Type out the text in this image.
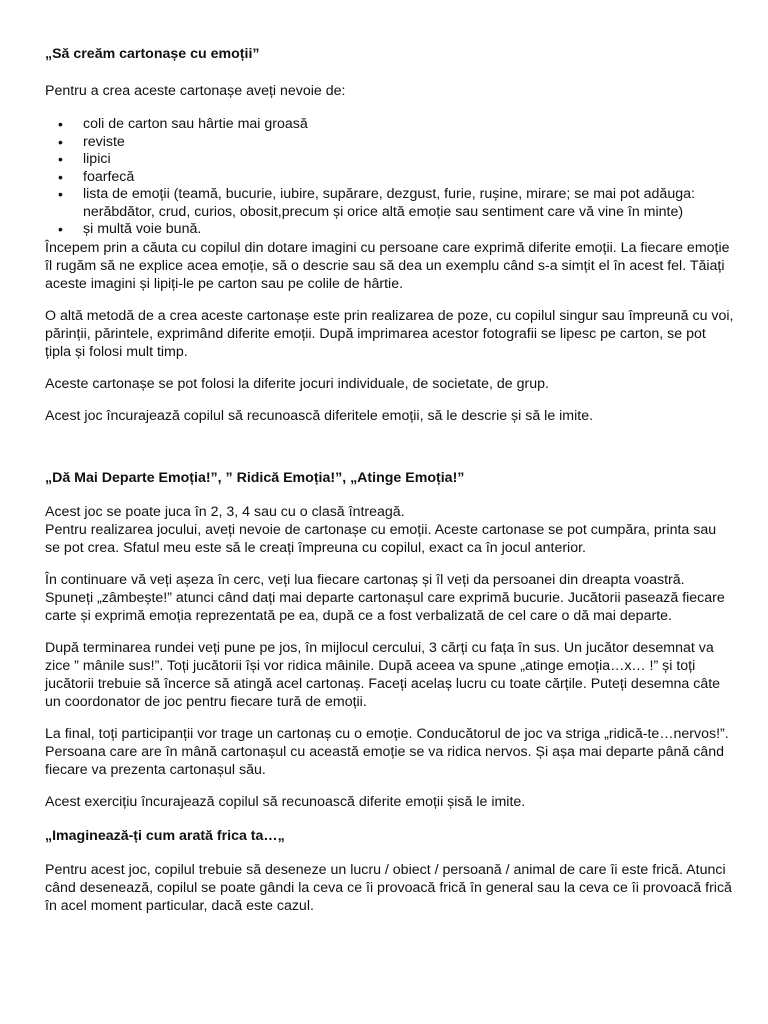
„Să creăm cartonașe cu emoții”

Pentru a crea aceste cartonașe aveți nevoie de:

• coli de carton sau hârtie mai groasă
• reviste
• lipici
• foarfecă
• lista de emoții (teamă, bucurie, iubire, supărare, dezgust, furie, rușine, mirare; se mai pot adăuga: nerăbdător, crud, curios, obosit,precum și orice altă emoție sau sentiment care vă vine în minte)
• și multă voie bună.

Începem prin a căuta cu copilul din dotare imagini cu persoane care exprimă diferite emoții. La fiecare emoție îl rugăm să ne explice acea emoție, să o descrie sau să dea un exemplu când s-a simțit el în acest fel. Tăiați aceste imagini și lipiți-le pe carton sau pe colile de hârtie.

O altă metodă de a crea aceste cartonașe este prin realizarea de poze, cu copilul singur sau împreună cu voi, părinții, părintele, exprimând diferite emoții. După imprimarea acestor fotografii se lipesc pe carton, se pot țipla și folosi mult timp.

Aceste cartonașe se pot folosi la diferite jocuri individuale, de societate, de grup.

Acest joc încurajează copilul să recunoască diferitele emoții, să le descrie și să le imite.

„Dă Mai Departe Emoția!”, ” Ridică Emoția!”, „Atinge Emoția!”

Acest joc se poate juca în 2, 3, 4 sau cu o clasă întreagă.

Pentru realizarea jocului, aveți nevoie de cartonașe cu emoții. Aceste cartonase se pot cumpăra, printa sau se pot crea. Sfatul meu este să le creați împreuna cu copilul, exact ca în jocul anterior.

În continuare vă veți așeza în cerc, veți lua fiecare cartonaș și îl veți da persoanei din dreapta voastră. Spuneți „zâmbește!” atunci când dați mai departe cartonașul care exprimă bucurie. Jucătorii pasează fiecare carte și exprimă emoția reprezentată pe ea, după ce a fost verbalizată de cel care o dă mai departe.

După terminarea rundei veți pune pe jos, în mijlocul cercului, 3 cărți cu fața în sus. Un jucător desemnat va zice ” mânile sus!”. Toți jucătorii își vor ridica mâinile. După aceea va spune „atinge emoția…x… !” și toți jucătorii trebuie să încerce să atingă acel cartonaș. Faceți acelaș lucru cu toate cărțile. Puteți desemna câte un coordonator de joc pentru fiecare tură de emoții.

La final, toți participanții vor trage un cartonaș cu o emoție. Conducătorul de joc va striga „ridică-te…nervos!”. Persoana care are în mână cartonașul cu această emoție se va ridica nervos. Și așa mai departe până când fiecare va prezenta cartonașul său.

Acest exercițiu încurajează copilul să recunoască diferite emoții șisă le imite.

„Imaginează-ți cum arată frica ta…„

Pentru acest joc, copilul trebuie să deseneze un lucru / obiect / persoană / animal de care îi este frică. Atunci când desenează, copilul se poate gândi la ceva ce îi provoacă frică în general sau la ceva ce îi provoacă frică în acel moment particular, dacă este cazul.
